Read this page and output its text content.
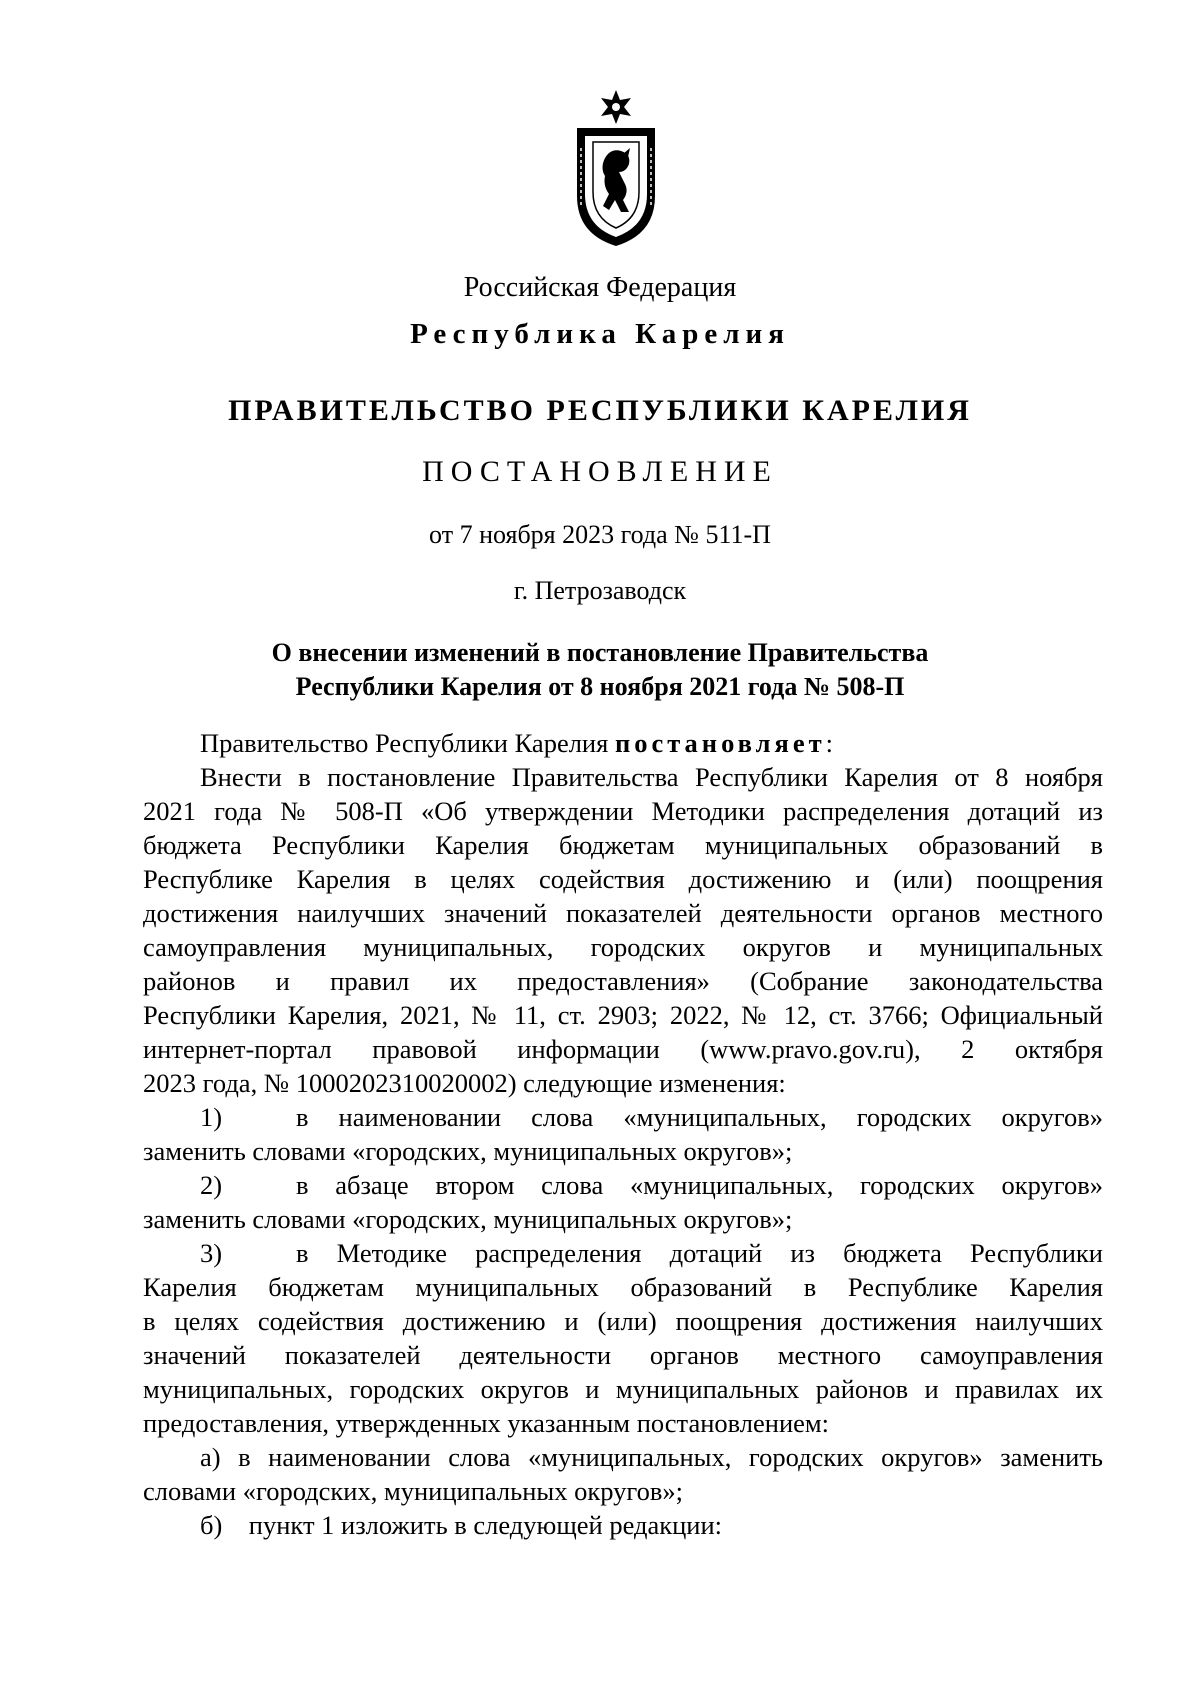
Российская Федерация
Республика Карелия
ПРАВИТЕЛЬСТВО РЕСПУБЛИКИ КАРЕЛИЯ
ПОСТАНОВЛЕНИЕ
от 7 ноября 2023 года № 511-П
г. Петрозаводск
О внесении изменений в постановление Правительства
Республики Карелия от 8 ноября 2021 года № 508-П
Правительство Республики Карелия постановляет:
Внести в постановление Правительства Республики Карелия от 8 ноября
2021 года № 508-П «Об утверждении Методики распределения дотаций из
бюджета Республики Карелия бюджетам муниципальных образований в
Республике Карелия в целях содействия достижению и (или) поощрения
достижения наилучших значений показателей деятельности органов местного
самоуправления муниципальных, городских округов и муниципальных
районов и правил их предоставления» (Собрание законодательства
Республики Карелия, 2021, № 11, ст. 2903; 2022, № 12, ст. 3766; Официальный
интернет-портал правовой информации (www.pravo.gov.ru), 2 октября
2023 года, № 1000202310020002) следующие изменения:
1)	в наименовании слова «муниципальных, городских округов»
заменить словами «городских, муниципальных округов»;
2)	в абзаце втором слова «муниципальных, городских округов»
заменить словами «городских, муниципальных округов»;
3)	в Методике распределения дотаций из бюджета Республики
Карелия бюджетам муниципальных образований в Республике Карелия
в целях содействия достижению и (или) поощрения достижения наилучших
значений показателей деятельности органов местного самоуправления
муниципальных, городских округов и муниципальных районов и правилах их
предоставления, утвержденных указанным постановлением:
а) в наименовании слова «муниципальных, городских округов» заменить
словами «городских, муниципальных округов»;
б)    пункт 1 изложить в следующей редакции:
